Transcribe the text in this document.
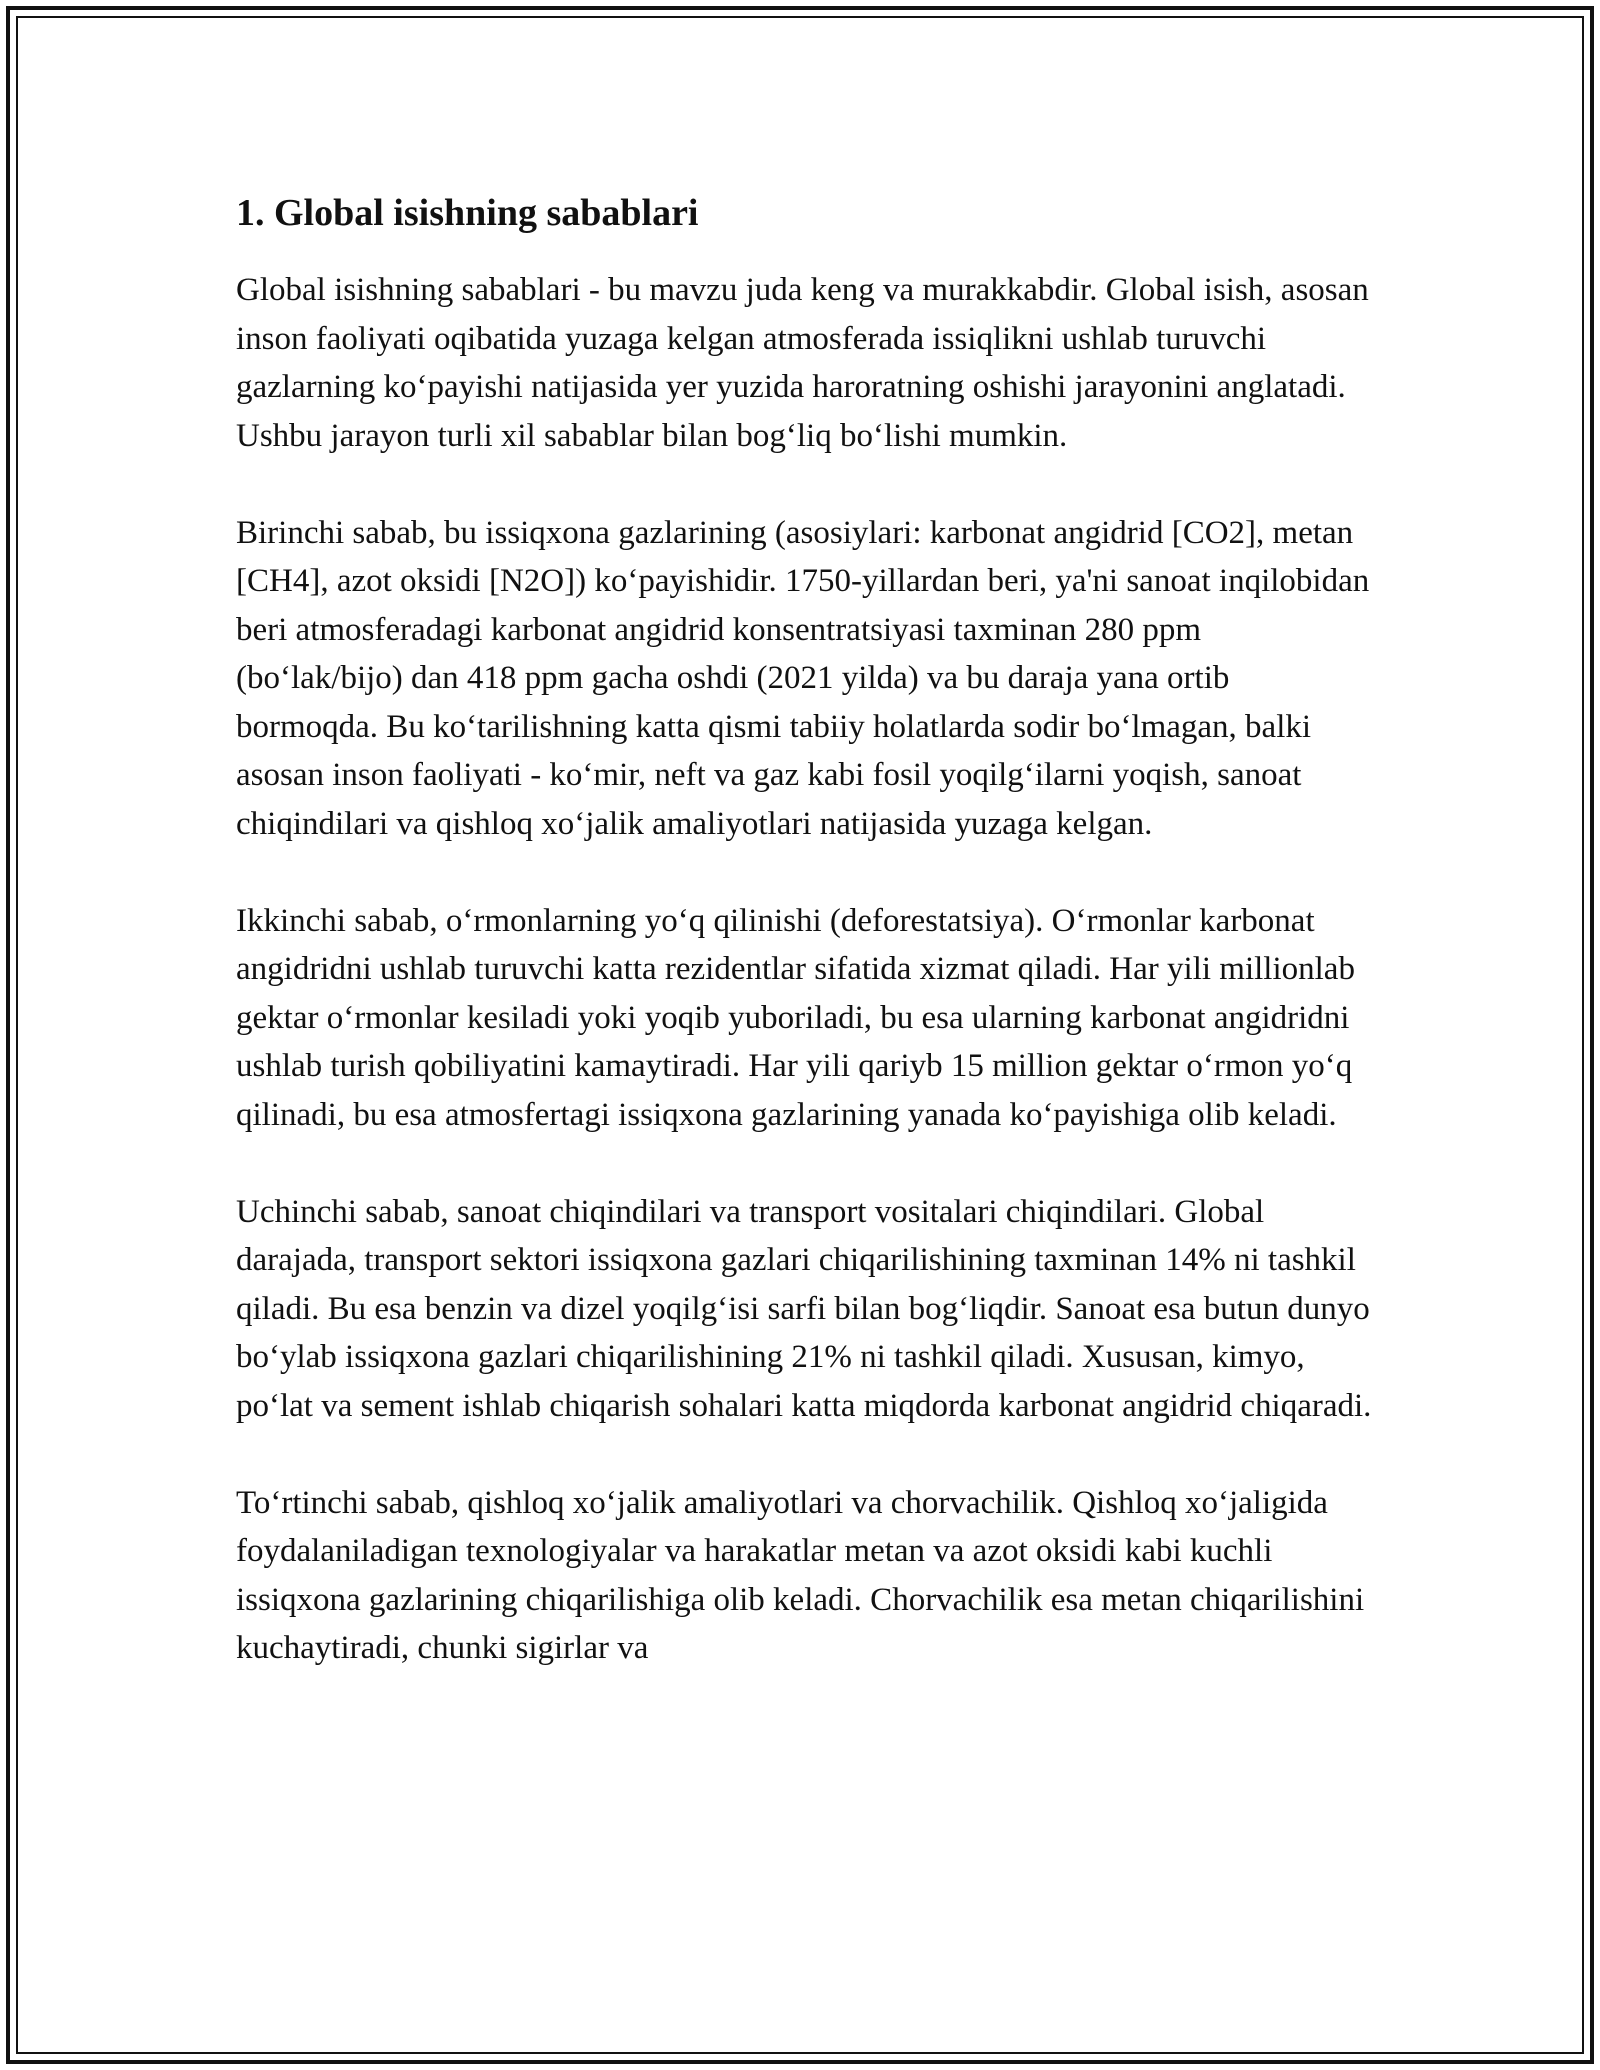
1. Global isishning sabablari

Global isishning sabablari - bu mavzu juda keng va murakkabdir. Global isish, asosan inson faoliyati oqibatida yuzaga kelgan atmosferada issiqlikni ushlab turuvchi gazlarning ko‘payishi natijasida yer yuzida haroratning oshishi jarayonini anglatadi. Ushbu jarayon turli xil sabablar bilan bog‘liq bo‘lishi mumkin.

Birinchi sabab, bu issiqxona gazlarining (asosiylari: karbonat angidrid [CO2], metan [CH4], azot oksidi [N2O]) ko‘payishidir. 1750-yillardan beri, ya'ni sanoat inqilobidan beri atmosferadagi karbonat angidrid konsentratsiyasi taxminan 280 ppm (bo‘lak/bijo) dan 418 ppm gacha oshdi (2021 yilda) va bu daraja yana ortib bormoqda. Bu ko‘tarilishning katta qismi tabiiy holatlarda sodir bo‘lmagan, balki asosan inson faoliyati - ko‘mir, neft va gaz kabi fosil yoqilg‘ilarni yoqish, sanoat chiqindilari va qishloq xo‘jalik amaliyotlari natijasida yuzaga kelgan.

Ikkinchi sabab, o‘rmonlarning yo‘q qilinishi (deforestatsiya). O‘rmonlar karbonat angidridni ushlab turuvchi katta rezidentlar sifatida xizmat qiladi. Har yili millionlab gektar o‘rmonlar kesiladi yoki yoqib yuboriladi, bu esa ularning karbonat angidridni ushlab turish qobiliyatini kamaytiradi. Har yili qariyb 15 million gektar o‘rmon yo‘q qilinadi, bu esa atmosfertagi issiqxona gazlarining yanada ko‘payishiga olib keladi.

Uchinchi sabab, sanoat chiqindilari va transport vositalari chiqindilari. Global darajada, transport sektori issiqxona gazlari chiqarilishining taxminan 14% ni tashkil qiladi. Bu esa benzin va dizel yoqilg‘isi sarfi bilan bog‘liqdir. Sanoat esa butun dunyo bo‘ylab issiqxona gazlari chiqarilishining 21% ni tashkil qiladi. Xususan, kimyo, po‘lat va sement ishlab chiqarish sohalari katta miqdorda karbonat angidrid chiqaradi.

To‘rtinchi sabab, qishloq xo‘jalik amaliyotlari va chorvachilik. Qishloq xo‘jaligida foydalaniladigan texnologiyalar va harakatlar metan va azot oksidi kabi kuchli issiqxona gazlarining chiqarilishiga olib keladi. Chorvachilik esa metan chiqarilishini kuchaytiradi, chunki sigirlar va
